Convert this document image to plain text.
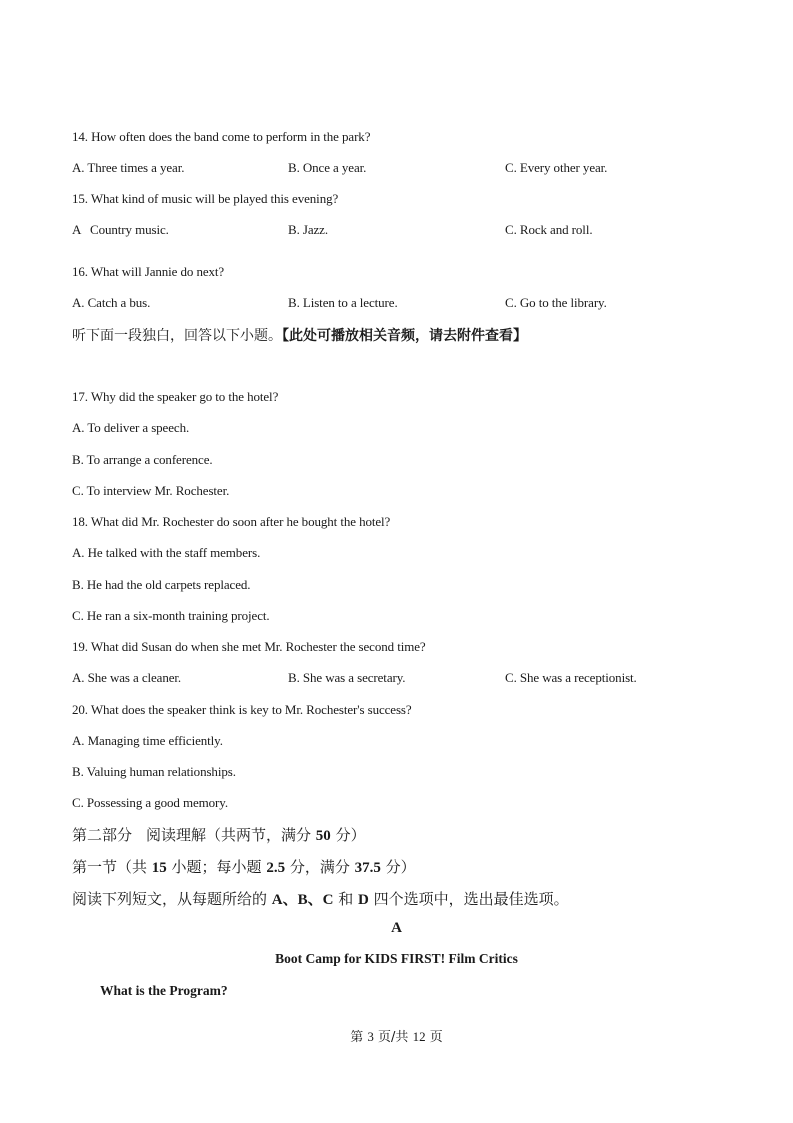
14. How often does the band come to perform in the park?
A. Three times a year.	B. Once a year.	C. Every other year.
15. What kind of music will be played this evening?
A   Country music.	B. Jazz.	C. Rock and roll.
16. What will Jannie do next?
A. Catch a bus.	B. Listen to a lecture.	C. Go to the library.
听下面一段独白，回答以下小题。【此处可播放相关音频，请去附件查看】
17. Why did the speaker go to the hotel?
A. To deliver a speech.
B. To arrange a conference.
C. To interview Mr. Rochester.
18. What did Mr. Rochester do soon after he bought the hotel?
A. He talked with the staff members.
B. He had the old carpets replaced.
C. He ran a six-month training project.
19. What did Susan do when she met Mr. Rochester the second time?
A. She was a cleaner.	B. She was a secretary.	C. She was a receptionist.
20. What does the speaker think is key to Mr. Rochester's success?
A. Managing time efficiently.
B. Valuing human relationships.
C. Possessing a good memory.
第二部分 阅读理解（共两节，满分 50 分）
第一节（共 15 小题；每小题 2.5 分，满分 37.5 分）
阅读下列短文，从每题所给的 A、B、C 和 D 四个选项中，选出最佳选项。
A
Boot Camp for KIDS FIRST! Film Critics
What is the Program?
第 3 页/共 12 页
